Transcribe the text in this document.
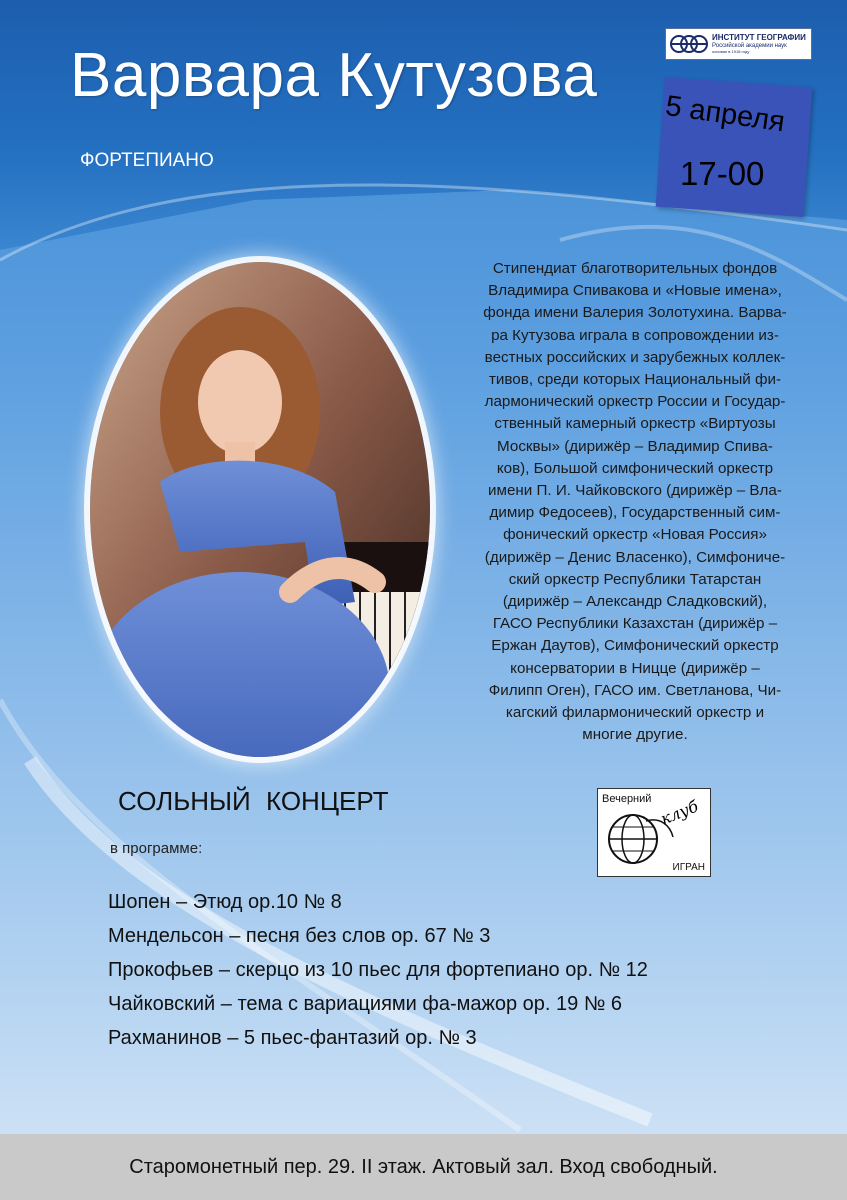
Варвара Кутузова
ФОРТЕПИАНО
ИНСТИТУТ ГЕОГРАФИИ
Российской академии наук
основан в 1918 году
5 апреля
17-00
Стипендиат благотворительных фондов
Владимира Спивакова и «Новые имена»,
фонда имени Валерия Золотухина. Варва-
ра Кутузова играла в сопровождении из-
вестных российских и зарубежных коллек-
тивов, среди которых Национальный фи-
лармонический оркестр России и Государ-
ственный камерный оркестр «Виртуозы
Москвы» (дирижёр – Владимир Спива-
ков), Большой симфонический оркестр
имени П. И. Чайковского (дирижёр – Вла-
димир Федосеев), Государственный сим-
фонический оркестр «Новая Россия»
(дирижёр – Денис Власенко), Симфониче-
ский оркестр Республики Татарстан
(дирижёр – Александр Сладковский),
ГАСО Республики Казахстан (дирижёр –
Ержан Даутов), Симфонический оркестр
консерватории в Ницце (дирижёр –
Филипп Оген), ГАСО им. Светланова, Чи-
кагский филармонический оркестр и
многие другие.
СОЛЬНЫЙ КОНЦЕРТ
в программе:
Вечерний клуб
ИГРАН
Шопен – Этюд ор.10 № 8
Мендельсон – песня без слов ор. 67 № 3
Прокофьев – скерцо из 10 пьес для фортепиано ор. № 12
Чайковский – тема с вариациями фа-мажор ор. 19 № 6
Рахманинов – 5 пьес-фантазий ор. № 3
Старомонетный пер. 29. II этаж. Актовый зал. Вход свободный.
